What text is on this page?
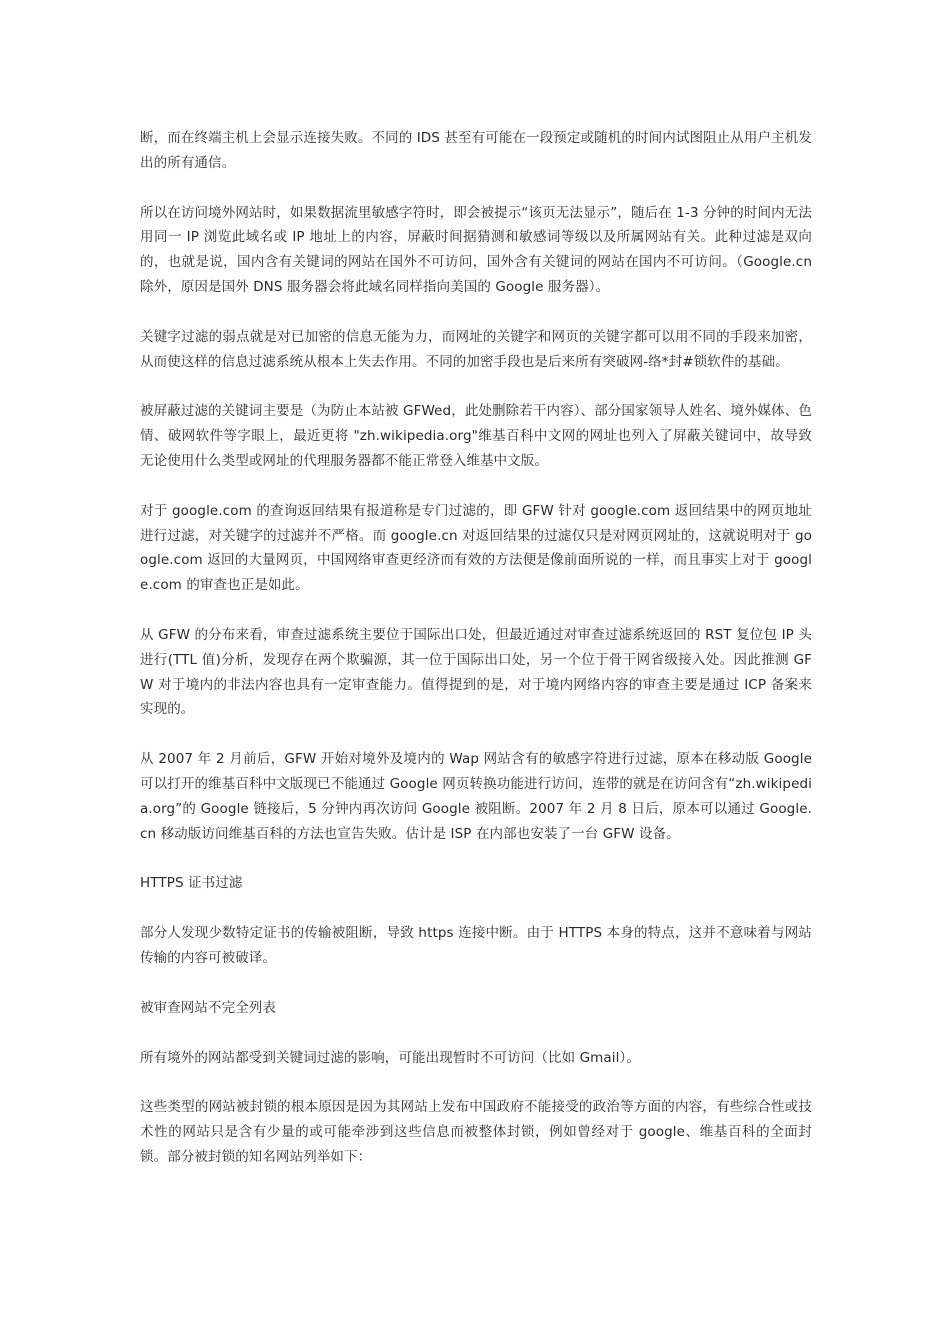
断，而在终端主机上会显示连接失败。不同的 IDS 甚至有可能在一段预定或随机的时间内试图阻止从用户主机发出的所有通信。

所以在访问境外网站时，如果数据流里敏感字符时，即会被提示“该页无法显示”，随后在 1-3 分钟的时间内无法用同一 IP 浏览此域名或 IP 地址上的内容，屏蔽时间据猜测和敏感词等级以及所属网站有关。此种过滤是双向的，也就是说，国内含有关键词的网站在国外不可访问，国外含有关键词的网站在国内不可访问。（Google.cn 除外，原因是国外 DNS 服务器会将此域名同样指向美国的 Google 服务器）。

关键字过滤的弱点就是对已加密的信息无能为力，而网址的关键字和网页的关键字都可以用不同的手段来加密，从而使这样的信息过滤系统从根本上失去作用。不同的加密手段也是后来所有突破网-络*封#锁软件的基础。

被屏蔽过滤的关键词主要是（为防止本站被 GFWed，此处删除若干内容）、部分国家领导人姓名、境外媒体、色情、破网软件等字眼上，最近更将 "zh.wikipedia.org"维基百科中文网的网址也列入了屏蔽关键词中，故导致无论使用什么类型或网址的代理服务器都不能正常登入维基中文版。

对于 google.com 的查询返回结果有报道称是专门过滤的，即 GFW 针对 google.com 返回结果中的网页地址进行过滤，对关键字的过滤并不严格。而 google.cn 对返回结果的过滤仅只是对网页网址的，这就说明对于 google.com 返回的大量网页，中国网络审查更经济而有效的方法便是像前面所说的一样，而且事实上对于 google.com 的审查也正是如此。

从 GFW 的分布来看，审查过滤系统主要位于国际出口处，但最近通过对审查过滤系统返回的 RST 复位包 IP 头进行(TTL 值)分析，发现存在两个欺骗源，其一位于国际出口处，另一个位于骨干网省级接入处。因此推测 GFW 对于境内的非法内容也具有一定审查能力。值得提到的是，对于境内网络内容的审查主要是通过 ICP 备案来实现的。

从 2007 年 2 月前后，GFW 开始对境外及境内的 Wap 网站含有的敏感字符进行过滤，原本在移动版 Google 可以打开的维基百科中文版现已不能通过 Google 网页转换功能进行访问，连带的就是在访问含有“zh.wikipedia.org”的 Google 链接后，5 分钟内再次访问 Google 被阻断。2007 年 2 月 8 日后，原本可以通过 Google.cn 移动版访问维基百科的方法也宣告失败。估计是 ISP 在内部也安装了一台 GFW 设备。

HTTPS 证书过滤

部分人发现少数特定证书的传输被阻断，导致 https 连接中断。由于 HTTPS 本身的特点，这并不意味着与网站传输的内容可被破译。

被审查网站不完全列表

所有境外的网站都受到关键词过滤的影响，可能出现暂时不可访问（比如 Gmail）。

这些类型的网站被封锁的根本原因是因为其网站上发布中国政府不能接受的政治等方面的内容，有些综合性或技术性的网站只是含有少量的或可能牵涉到这些信息而被整体封锁，例如曾经对于 google、维基百科的全面封锁。部分被封锁的知名网站列举如下：
